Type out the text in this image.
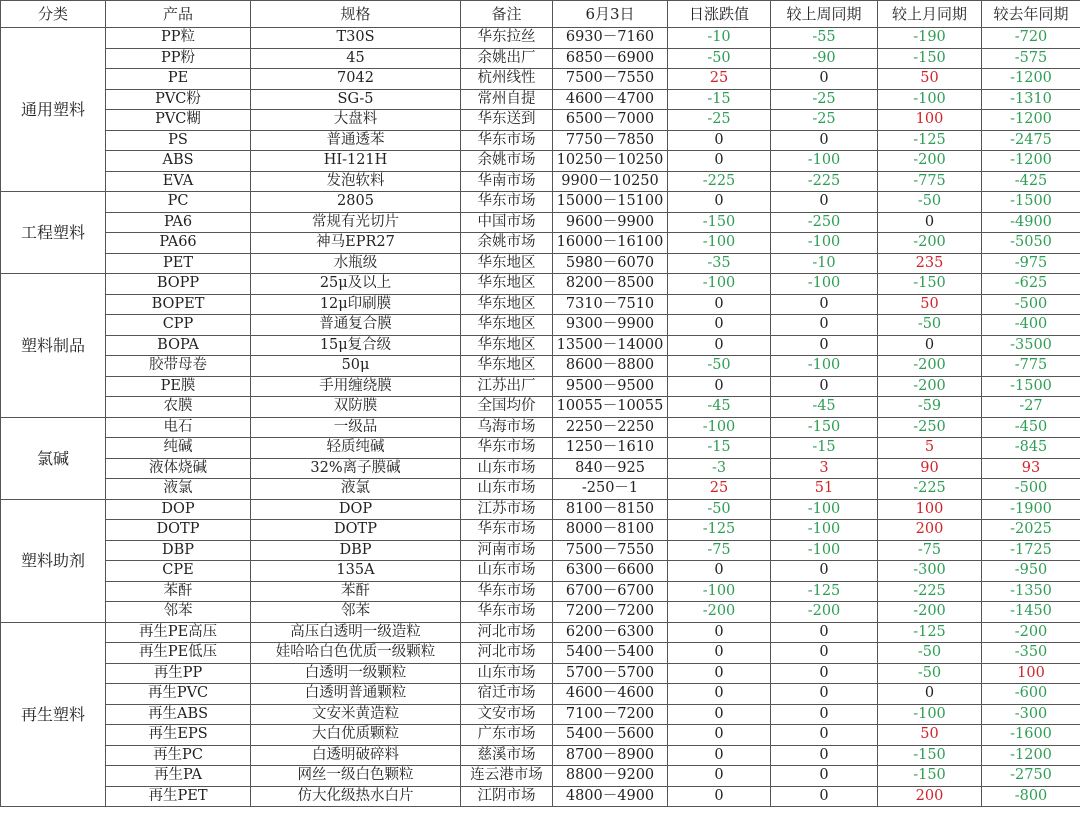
分类	产品	规格	备注	6月3日	日涨跌值	较上周同期	较上月同期	较去年同期
通用塑料	PP粒	T30S	华东拉丝	6930－7160	-10	-55	-190	-720
	PP粉	45	余姚出厂	6850－6900	-50	-90	-150	-575
	PE	7042	杭州线性	7500－7550	25	0	50	-1200
	PVC粉	SG-5	常州自提	4600－4700	-15	-25	-100	-1310
	PVC糊	大盘料	华东送到	6500－7000	-25	-25	100	-1200
	PS	普通透苯	华东市场	7750－7850	0	0	-125	-2475
	ABS	HI-121H	余姚市场	10250－10250	0	-100	-200	-1200
	EVA	发泡软料	华南市场	9900－10250	-225	-225	-775	-425
工程塑料	PC	2805	华东市场	15000－15100	0	0	-50	-1500
	PA6	常规有光切片	中国市场	9600－9900	-150	-250	0	-4900
	PA66	神马EPR27	余姚市场	16000－16100	-100	-100	-200	-5050
	PET	水瓶级	华东地区	5980－6070	-35	-10	235	-975
塑料制品	BOPP	25μ及以上	华东地区	8200－8500	-100	-100	-150	-625
	BOPET	12μ印刷膜	华东地区	7310－7510	0	0	50	-500
	CPP	普通复合膜	华东地区	9300－9900	0	0	-50	-400
	BOPA	15μ复合级	华东地区	13500－14000	0	0	0	-3500
	胶带母卷	50μ	华东地区	8600－8800	-50	-100	-200	-775
	PE膜	手用缠绕膜	江苏出厂	9500－9500	0	0	-200	-1500
	农膜	双防膜	全国均价	10055－10055	-45	-45	-59	-27
氯碱	电石	一级品	乌海市场	2250－2250	-100	-150	-250	-450
	纯碱	轻质纯碱	华东市场	1250－1610	-15	-15	5	-845
	液体烧碱	32%离子膜碱	山东市场	840－925	-3	3	90	93
	液氯	液氯	山东市场	-250－1	25	51	-225	-500
塑料助剂	DOP	DOP	江苏市场	8100－8150	-50	-100	100	-1900
	DOTP	DOTP	华东市场	8000－8100	-125	-100	200	-2025
	DBP	DBP	河南市场	7500－7550	-75	-100	-75	-1725
	CPE	135A	山东市场	6300－6600	0	0	-300	-950
	苯酐	苯酐	华东市场	6700－6700	-100	-125	-225	-1350
	邻苯	邻苯	华东市场	7200－7200	-200	-200	-200	-1450
再生塑料	再生PE高压	高压白透明一级造粒	河北市场	6200－6300	0	0	-125	-200
	再生PE低压	娃哈哈白色优质一级颗粒	河北市场	5400－5400	0	0	-50	-350
	再生PP	白透明一级颗粒	山东市场	5700－5700	0	0	-50	100
	再生PVC	白透明普通颗粒	宿迁市场	4600－4600	0	0	0	-600
	再生ABS	文安米黄造粒	文安市场	7100－7200	0	0	-100	-300
	再生EPS	大白优质颗粒	广东市场	5400－5600	0	0	50	-1600
	再生PC	白透明破碎料	慈溪市场	8700－8900	0	0	-150	-1200
	再生PA	网丝一级白色颗粒	连云港市场	8800－9200	0	0	-150	-2750
	再生PET	仿大化级热水白片	江阴市场	4800－4900	0	0	200	-800
